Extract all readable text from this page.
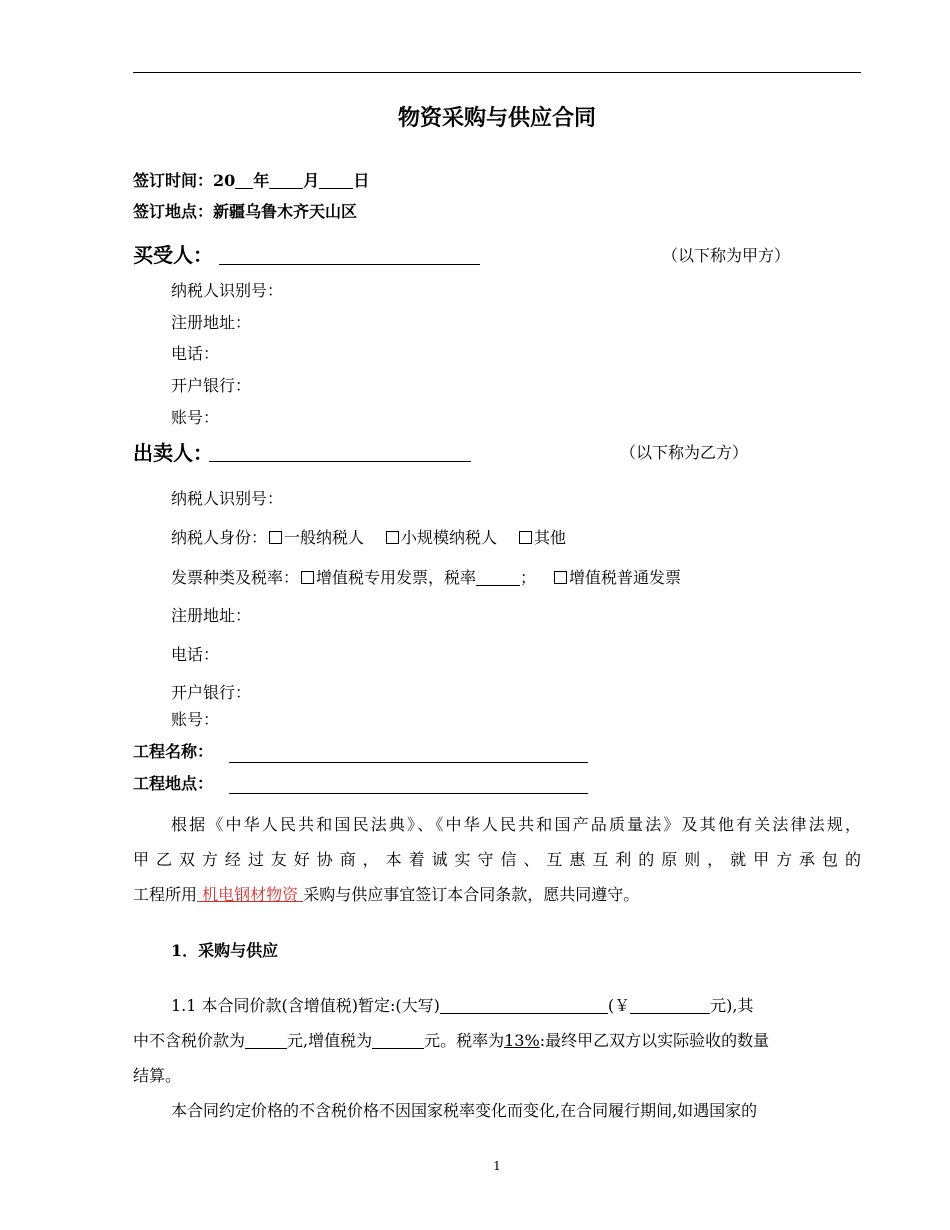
物资采购与供应合同
签订时间：20 年 月 日
签订地点：新疆乌鲁木齐天山区
买受人：	（以下称为甲方）
纳税人识别号：
注册地址：
电话：
开户银行：
账号：
出卖人：	（以下称为乙方）
纳税人识别号：
纳税人身份： 一般纳税人 小规模纳税人 其他
发票种类及税率： 增值税专用发票，税率	； 增值税普通发票
注册地址：
电话：
开户银行：
账号：
工程名称：
工程地点：
根据《中华人民共和国民法典》、《中华人民共和国产品质量法》及其他有关法律法规，
甲乙双方经过友好协商，本着诚实守信、互惠互利的原则，就甲方承包的
工程所用 机电钢材物资 采购与供应事宜签订本合同条款，愿共同遵守。
1．采购与供应
1.1 本合同价款(含增值税)暂定:(大写)	(￥	元),其
中不含税价款为	元,增值税为	元。税率为13%:最终甲乙双方以实际验收的数量
结算。
本合同约定价格的不含税价格不因国家税率变化而变化,在合同履行期间,如遇国家的
1
